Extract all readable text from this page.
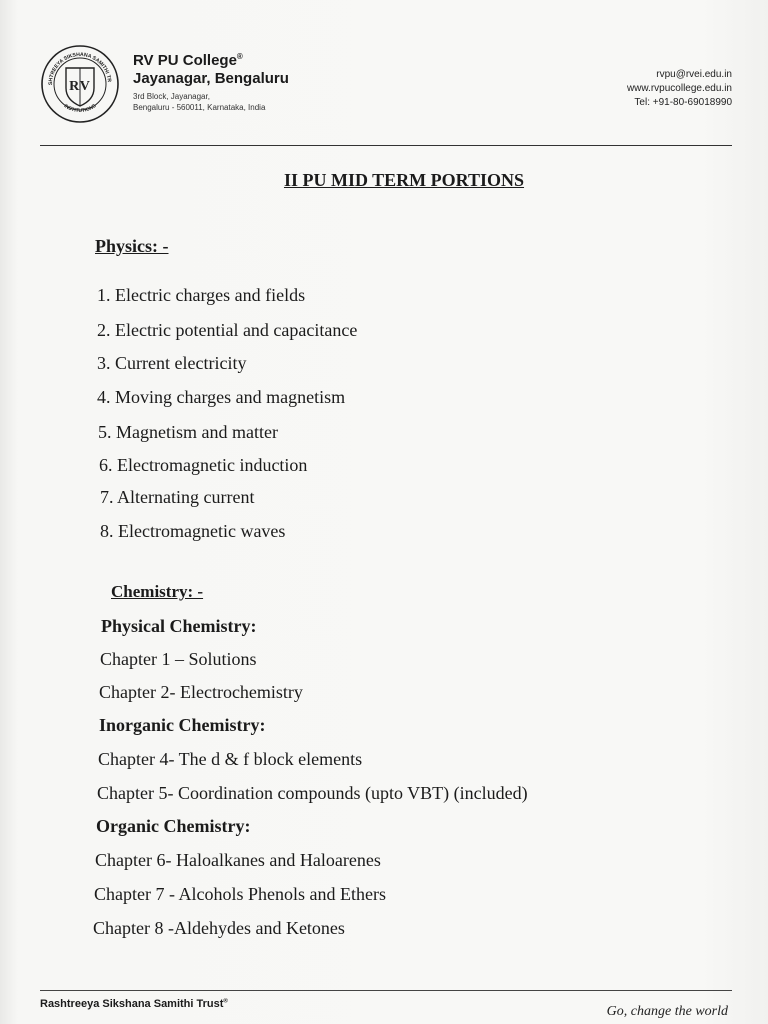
SHTREEYA SIKSHANA SAMITHI TR
INSTITUTIONS
RV
RV PU College®
Jayanagar, Bengaluru
3rd Block, Jayanagar,
Bengaluru - 560011, Karnataka, India
rvpu@rvei.edu.in
www.rvpucollege.edu.in
Tel: +91-80-69018990
II PU MID TERM PORTIONS
Physics: -
1. Electric charges and fields
2. Electric potential and capacitance
3. Current electricity
4. Moving charges and magnetism
5. Magnetism and matter
6. Electromagnetic induction
7. Alternating current
8. Electromagnetic waves
Chemistry: -
Physical Chemistry:
Chapter 1 – Solutions
Chapter 2- Electrochemistry
Inorganic Chemistry:
Chapter 4- The d & f block elements
Chapter 5- Coordination compounds (upto VBT) (included)
Organic Chemistry:
Chapter 6- Haloalkanes and Haloarenes
Chapter 7 - Alcohols Phenols and Ethers
Chapter 8 -Aldehydes and Ketones
Rashtreeya Sikshana Samithi Trust®
Go, change the world
